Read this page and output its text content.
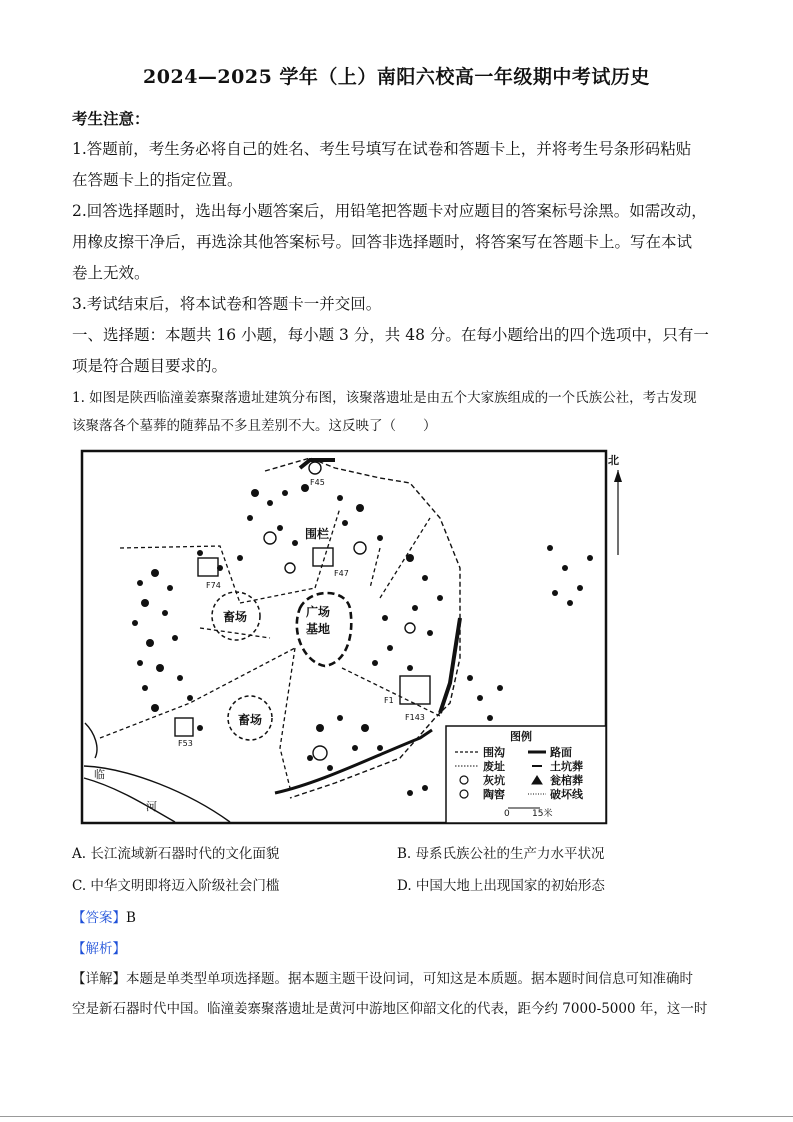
2024—2025 学年（上）南阳六校高一年级期中考试历史

考生注意：

1.答题前，考生务必将自己的姓名、考生号填写在试卷和答题卡上，并将考生号条形码粘贴

在答题卡上的指定位置。

2.回答选择题时，选出每小题答案后，用铅笔把答题卡对应题目的答案标号涂黑。如需改动，

用橡皮擦干净后，再选涂其他答案标号。回答非选择题时，将答案写在答题卡上。写在本试

卷上无效。

3.考试结束后，将本试卷和答题卡一并交回。

一、选择题：本题共 16 小题，每小题 3 分，共 48 分。在每小题给出的四个选项中，只有一

项是符合题目要求的。

1. 如图是陕西临潼姜寨聚落遗址建筑分布图，该聚落遗址是由五个大家族组成的一个氏族公社，考古发现

该聚落各个墓葬的随葬品不多且差别不大。这反映了（　　）

围栏
广场
基地
畜场
畜场
F47
F45
F74
F53
F1
F143
临
河
图例
围沟
废址
灰坑
陶窖
路面
土坑葬
瓮棺葬
破坏线
0 15米
北
A. 长江流域新石器时代的文化面貌	B. 母系氏族公社的生产力水平状况
C. 中华文明即将迈入阶级社会门槛	D. 中国大地上出现国家的初始形态
【答案】B
【解析】

【详解】本题是单类型单项选择题。据本题主题干设问词，可知这是本质题。据本题时间信息可知准确时

空是新石器时代中国。临潼姜寨聚落遗址是黄河中游地区仰韶文化的代表，距今约 7000-5000 年，这一时
